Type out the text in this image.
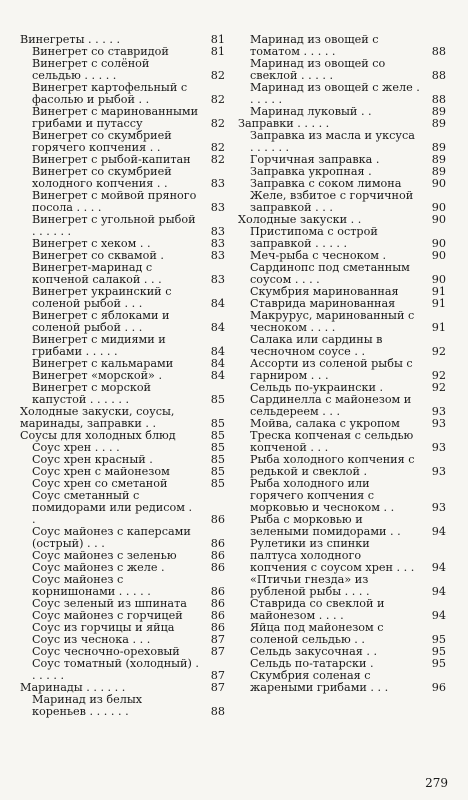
Винегреты . . . . .	81
Винегрет со ставридой	81
Винегрет с солёной сельдью . . . . .	82
Винегрет картофельный с фасолью и рыбой . .	82
Винегрет с маринованными грибами и путассу	82
Винегрет со скумбрией горячего копчения . .	82
Винегрет с рыбой-капитан	82
Винегрет со скумбрией холодного копчения . .	83
Винегрет с мойвой пряного посола . . . .	83
Винегрет с угольной рыбой . . . . . .	83
Винегрет с хеком . .	83
Винегрет со сквамой .	83
Винегрет-маринад с копченой салакой . . .	83
Винегрет украинский с соленой рыбой . . .	84
Винегрет с яблоками и соленой рыбой . . .	84
Винегрет с мидиями и грибами . . . . .	84
Винегрет с кальмарами	84
Винегрет «морской» .	84
Винегрет с морской капустой . . . . . .	85
Холодные закуски, соусы, маринады, заправки . .	85
Соусы для холодных блюд	85
Соус хрен . . . .	85
Соус хрен красный .	85
Соус хрен с майонезом	85
Соус хрен со сметаной	85
Соус сметанный с помидорами или редисом . .	86
Соус майонез с каперсами (острый) . . .	86
Соус майонез с зеленью	86
Соус майонез с желе .	86
Соус майонез с корнишонами . . . . .	86
Соус зеленый из шпината	86
Соус майонез с горчицей	86
Соус из горчицы и яйца	86
Соус из чеснока . . .	87
Соус чесночно-ореховый	87
Соус томатный (холодный) . . . . . .	87
Маринады . . . . . .	87
Маринад из белых кореньев . . . . . .	88
Маринад из овощей с томатом . . . . .	88
Маринад из овощей со свеклой . . . . .	88
Маринад из овощей с желе . . . . . .	88
Маринад луковый . .	89
Заправки . . . . .	89
Заправка из масла и уксуса . . . . . .	89
Горчичная заправка .	89
Заправка укропная .	89
Заправка с соком лимона	90
Желе, взбитое с горчичной заправкой . . .	90
Холодные закуски . .	90
Пристипома с острой заправкой . . . . .	90
Меч-рыба с чесноком .	90
Сардинопс под сметанным соусом . . . .	90
Скумбрия маринованная	91
Ставрида маринованная	91
Макрурус, маринованный с чесноком . . . .	91
Салака или сардины в чесночном соусе . .	92
Ассорти из соленой рыбы с гарниром . . .	92
Сельдь по-украински .	92
Сардинелла с майонезом и сельдереем . . .	93
Мойва, салака с укропом	93
Треска копченая с сельдью копченой . . .	93
Рыба холодного копчения с редькой и свеклой .	93
Рыба холодного или горячего копчения с морковью и чесноком . .	93
Рыба с морковью и зелеными помидорами . .	94
Рулетики из спинки палтуса холодного копчения с соусом хрен . . .	94
«Птичьи гнезда» из рубленой рыбы . . . .	94
Ставрида со свеклой и майонезом . . . .	94
Яйца под майонезом с соленой сельдью . .	95
Сельдь закусочная . .	95
Сельдь по-татарски .	95
Скумбрия соленая с жареными грибами . . .	96
279
